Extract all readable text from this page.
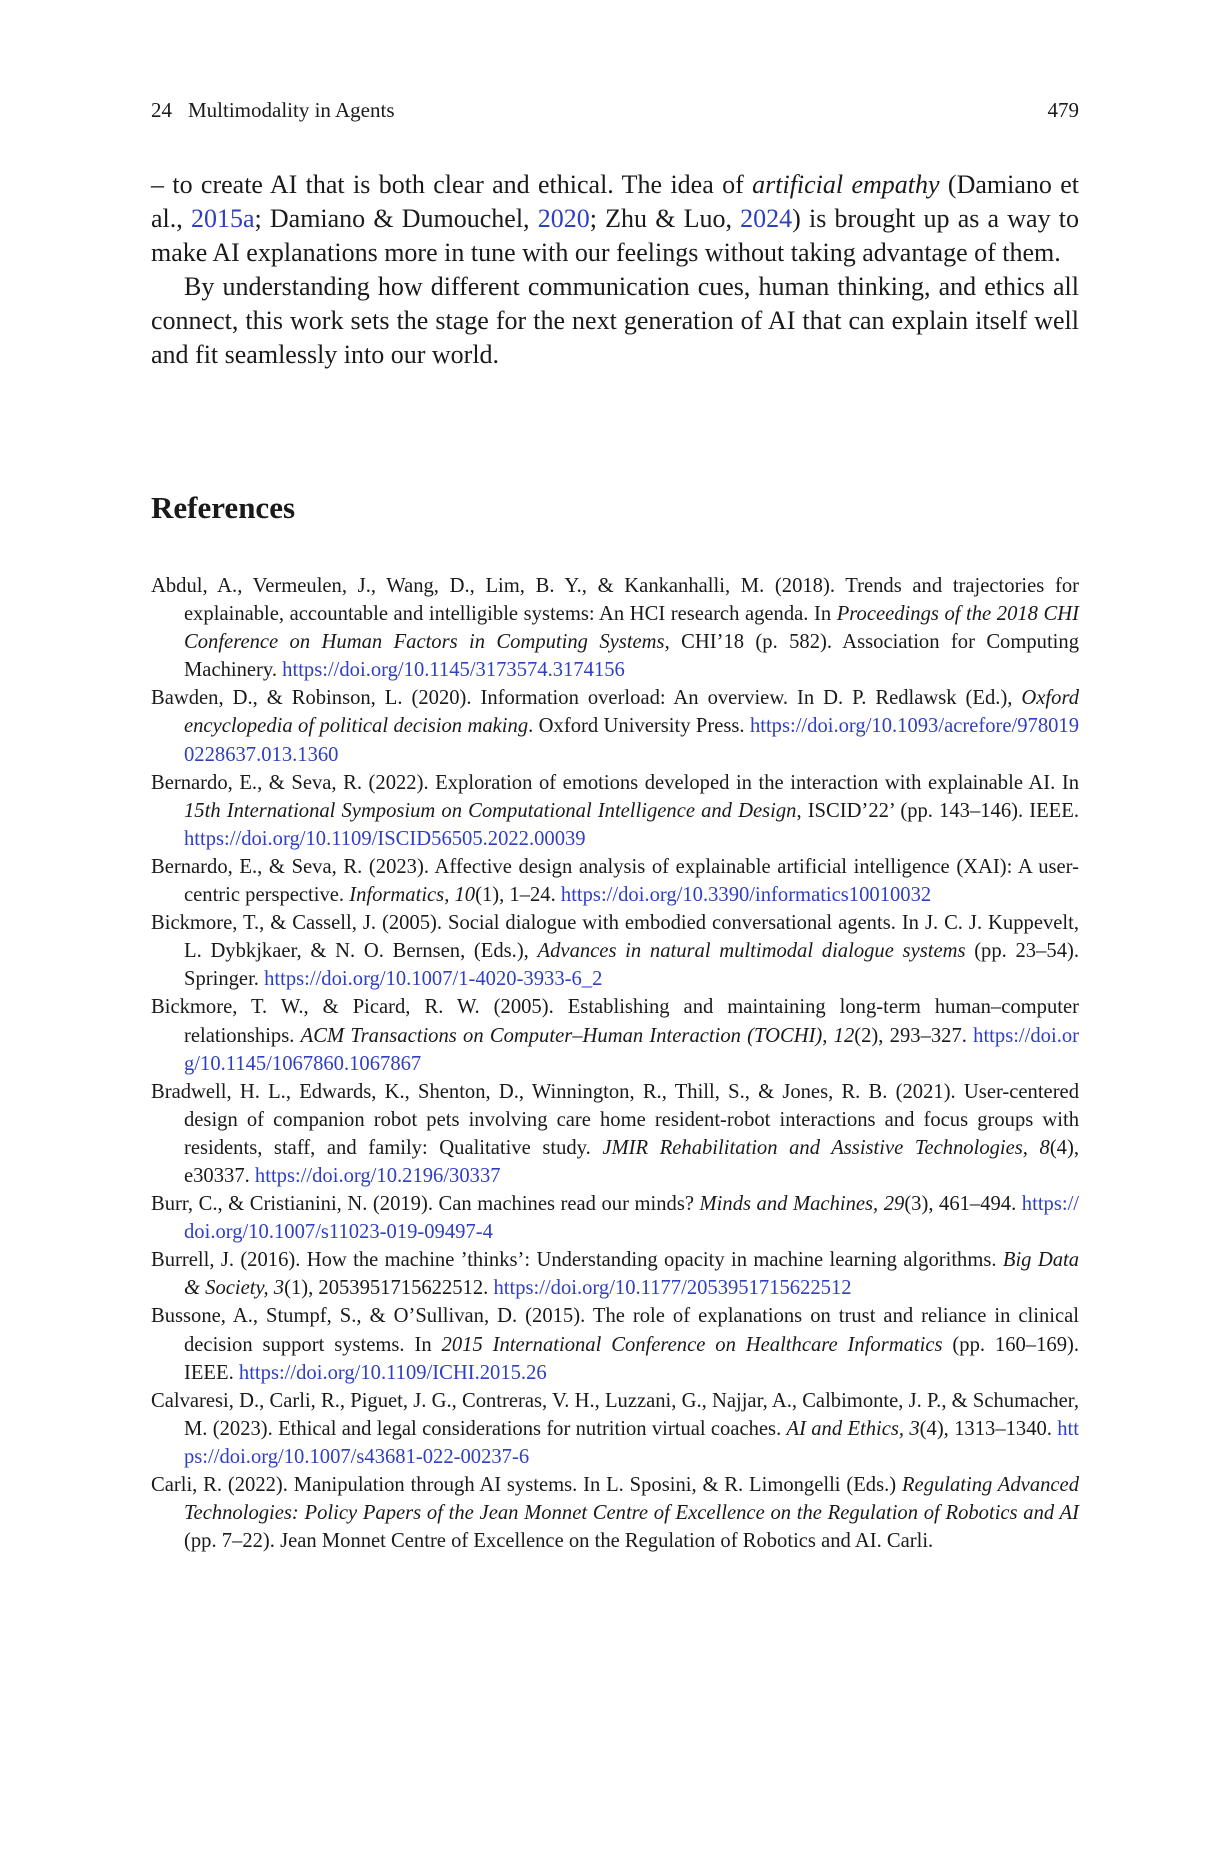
24 Multimodality in Agents	479

– to create AI that is both clear and ethical. The idea of artificial empathy (Damiano et al., 2015a; Damiano & Dumouchel, 2020; Zhu & Luo, 2024) is brought up as a way to make AI explanations more in tune with our feelings without taking advantage of them.

By understanding how different communication cues, human thinking, and ethics all connect, this work sets the stage for the next generation of AI that can explain itself well and fit seamlessly into our world.

References
Abdul, A., Vermeulen, J., Wang, D., Lim, B. Y., & Kankanhalli, M. (2018). Trends and trajectories for explainable, accountable and intelligible systems: An HCI research agenda. In Proceedings of the 2018 CHI Conference on Human Factors in Computing Systems, CHI’18 (p. 582). Association for Computing Machinery. https://doi.org/10.1145/3173574.3174156
Bawden, D., & Robinson, L. (2020). Information overload: An overview. In D. P. Redlawsk (Ed.), Oxford encyclopedia of political decision making. Oxford University Press. https://doi.org/10.1093/acrefore/9780190228637.013.1360
Bernardo, E., & Seva, R. (2022). Exploration of emotions developed in the interaction with explainable AI. In 15th International Symposium on Computational Intelligence and Design, ISCID’22’ (pp. 143–146). IEEE. https://doi.org/10.1109/ISCID56505.2022.00039
Bernardo, E., & Seva, R. (2023). Affective design analysis of explainable artificial intelligence (XAI): A user-centric perspective. Informatics, 10(1), 1–24. https://doi.org/10.3390/informatics10010032
Bickmore, T., & Cassell, J. (2005). Social dialogue with embodied conversational agents. In J. C. J. Kuppevelt, L. Dybkjkaer, & N. O. Bernsen, (Eds.), Advances in natural multimodal dialogue systems (pp. 23–54). Springer. https://doi.org/10.1007/1-4020-3933-6_2
Bickmore, T. W., & Picard, R. W. (2005). Establishing and maintaining long-term human–computer relationships. ACM Transactions on Computer–Human Interaction (TOCHI), 12(2), 293–327. https://doi.org/10.1145/1067860.1067867
Bradwell, H. L., Edwards, K., Shenton, D., Winnington, R., Thill, S., & Jones, R. B. (2021). User-centered design of companion robot pets involving care home resident-robot interactions and focus groups with residents, staff, and family: Qualitative study. JMIR Rehabilitation and Assistive Technologies, 8(4), e30337. https://doi.org/10.2196/30337
Burr, C., & Cristianini, N. (2019). Can machines read our minds? Minds and Machines, 29(3), 461–494. https://doi.org/10.1007/s11023-019-09497-4
Burrell, J. (2016). How the machine ’thinks’: Understanding opacity in machine learning algorithms. Big Data & Society, 3(1), 2053951715622512. https://doi.org/10.1177/2053951715622512
Bussone, A., Stumpf, S., & O’Sullivan, D. (2015). The role of explanations on trust and reliance in clinical decision support systems. In 2015 International Conference on Healthcare Informatics (pp. 160–169). IEEE. https://doi.org/10.1109/ICHI.2015.26
Calvaresi, D., Carli, R., Piguet, J. G., Contreras, V. H., Luzzani, G., Najjar, A., Calbimonte, J. P., & Schumacher, M. (2023). Ethical and legal considerations for nutrition virtual coaches. AI and Ethics, 3(4), 1313–1340. https://doi.org/10.1007/s43681-022-00237-6
Carli, R. (2022). Manipulation through AI systems. In L. Sposini, & R. Limongelli (Eds.) Regulating Advanced Technologies: Policy Papers of the Jean Monnet Centre of Excellence on the Regulation of Robotics and AI (pp. 7–22). Jean Monnet Centre of Excellence on the Regulation of Robotics and AI. Carli.
